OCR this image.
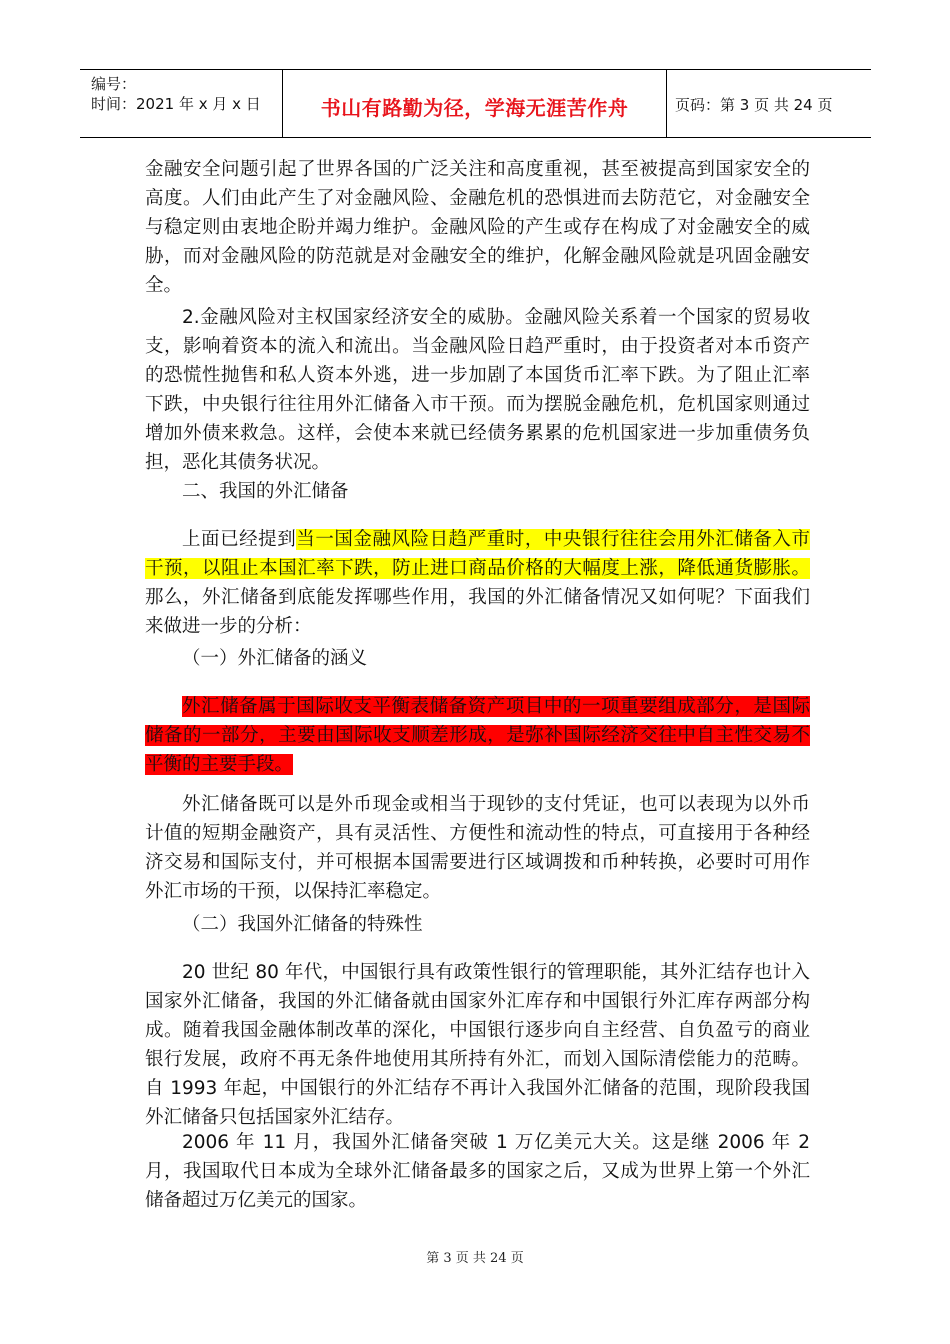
编号：
时间：2021 年 x 月 x 日	书山有路勤为径，学海无涯苦作舟	页码：第 3 页 共 24 页

金融安全问题引起了世界各国的广泛关注和高度重视，甚至被提高到国家安全的高度。人们由此产生了对金融风险、金融危机的恐惧进而去防范它，对金融安全与稳定则由衷地企盼并竭力维护。金融风险的产生或存在构成了对金融安全的威胁，而对金融风险的防范就是对金融安全的维护，化解金融风险就是巩固金融安全。

2.金融风险对主权国家经济安全的威胁。金融风险关系着一个国家的贸易收支，影响着资本的流入和流出。当金融风险日趋严重时，由于投资者对本币资产的恐慌性抛售和私人资本外逃，进一步加剧了本国货币汇率下跌。为了阻止汇率下跌，中央银行往往用外汇储备入市干预。而为摆脱金融危机，危机国家则通过增加外债来救急。这样，会使本来就已经债务累累的危机国家进一步加重债务负担，恶化其债务状况。

二、我国的外汇储备

上面已经提到当一国金融风险日趋严重时，中央银行往往会用外汇储备入市干预，以阻止本国汇率下跌，防止进口商品价格的大幅度上涨，降低通货膨胀。那么，外汇储备到底能发挥哪些作用，我国的外汇储备情况又如何呢？下面我们来做进一步的分析：

（一）外汇储备的涵义

外汇储备属于国际收支平衡表储备资产项目中的一项重要组成部分，是国际储备的一部分，主要由国际收支顺差形成，是弥补国际经济交往中自主性交易不平衡的主要手段。

外汇储备既可以是外币现金或相当于现钞的支付凭证，也可以表现为以外币计值的短期金融资产，具有灵活性、方便性和流动性的特点，可直接用于各种经济交易和国际支付，并可根据本国需要进行区域调拨和币种转换，必要时可用作外汇市场的干预，以保持汇率稳定。

（二）我国外汇储备的特殊性

20 世纪 80 年代，中国银行具有政策性银行的管理职能，其外汇结存也计入国家外汇储备，我国的外汇储备就由国家外汇库存和中国银行外汇库存两部分构成。随着我国金融体制改革的深化，中国银行逐步向自主经营、自负盈亏的商业银行发展，政府不再无条件地使用其所持有外汇，而划入国际清偿能力的范畴。自 1993 年起，中国银行的外汇结存不再计入我国外汇储备的范围，现阶段我国外汇储备只包括国家外汇结存。

2006 年 11 月，我国外汇储备突破 1 万亿美元大关。这是继 2006 年 2 月，我国取代日本成为全球外汇储备最多的国家之后，又成为世界上第一个外汇储备超过万亿美元的国家。

第 3 页 共 24 页
